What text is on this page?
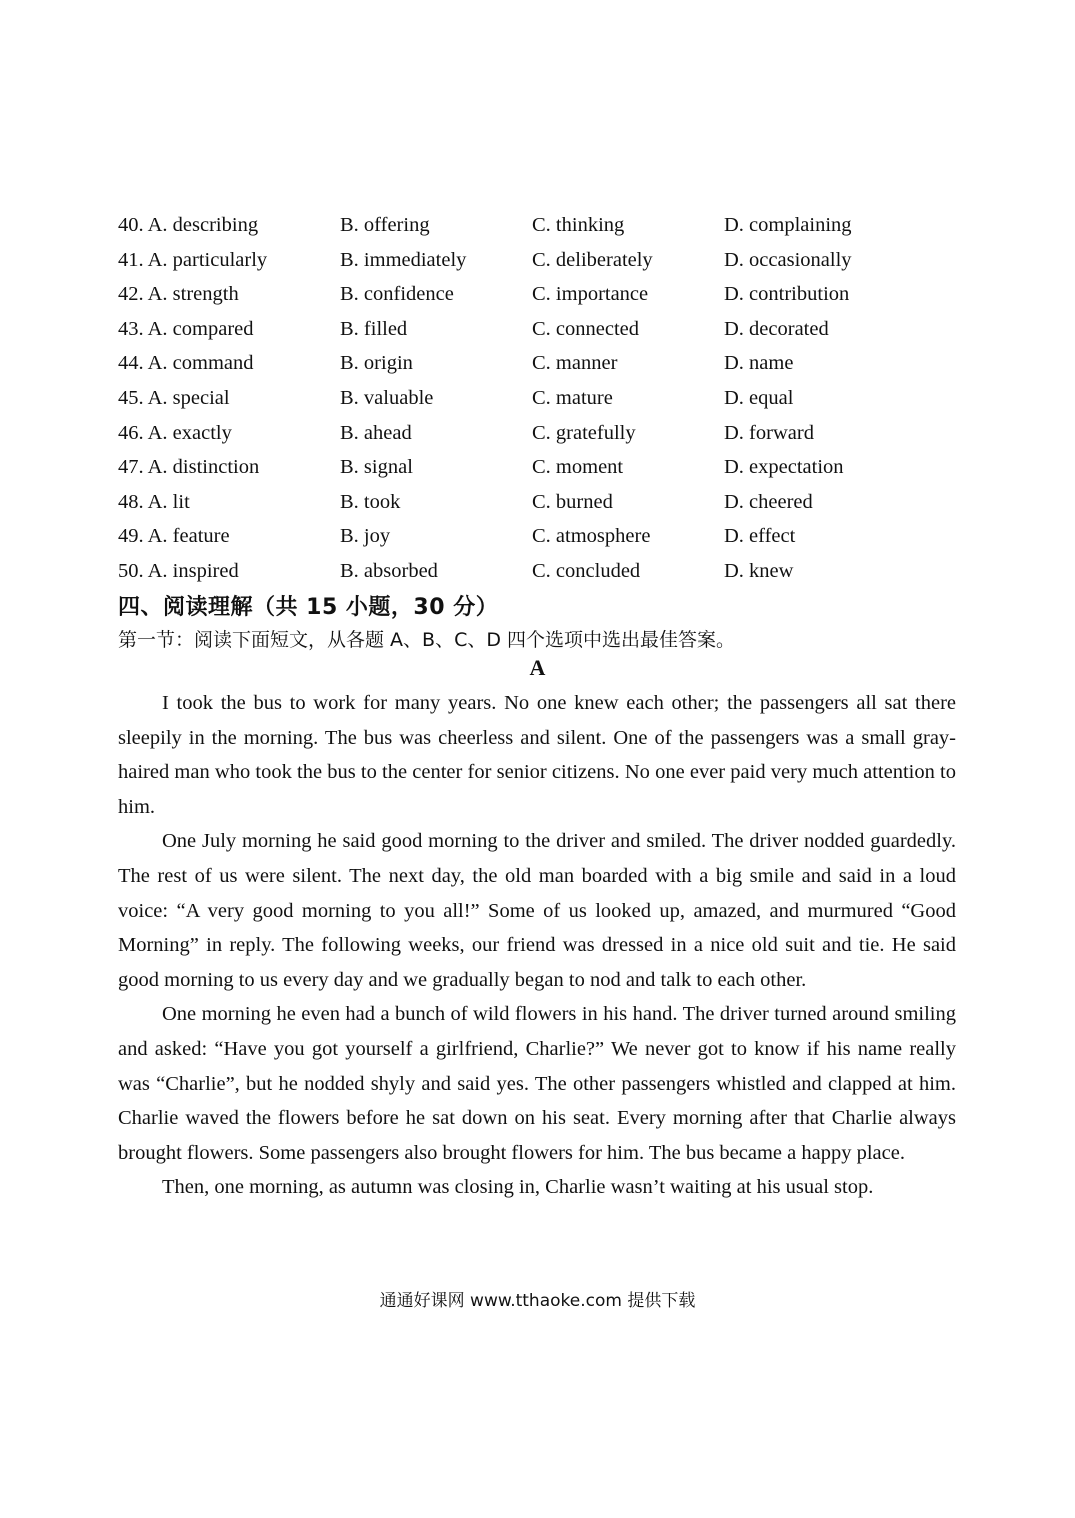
40. A. describing	B. offering	C. thinking	D. complaining
41. A. particularly	B. immediately	C. deliberately	D. occasionally
42. A. strength	B. confidence	C. importance	D. contribution
43. A. compared	B. filled	C. connected	D. decorated
44. A. command	B. origin	C. manner	D. name
45. A. special	B. valuable	C. mature	D. equal
46. A. exactly	B. ahead	C. gratefully	D. forward
47. A. distinction	B. signal	C. moment	D. expectation
48. A. lit	B. took	C. burned	D. cheered
49. A. feature	B. joy	C. atmosphere	D. effect
50. A. inspired	B. absorbed	C. concluded	D. knew
四、阅读理解（共 15 小题，30 分）
第一节：阅读下面短文，从各题 A、B、C、D 四个选项中选出最佳答案。
A

I took the bus to work for many years. No one knew each other; the passengers all sat there sleepily in the morning. The bus was cheerless and silent. One of the passengers was a small gray-haired man who took the bus to the center for senior citizens. No one ever paid very much attention to him.

One July morning he said good morning to the driver and smiled. The driver nodded guardedly. The rest of us were silent. The next day, the old man boarded with a big smile and said in a loud voice: “A very good morning to you all!” Some of us looked up, amazed, and murmured “Good Morning” in reply. The following weeks, our friend was dressed in a nice old suit and tie. He said good morning to us every day and we gradually began to nod and talk to each other.

One morning he even had a bunch of wild flowers in his hand. The driver turned around smiling and asked: “Have you got yourself a girlfriend, Charlie?” We never got to know if his name really was “Charlie”, but he nodded shyly and said yes. The other passengers whistled and clapped at him. Charlie waved the flowers before he sat down on his seat. Every morning after that Charlie always brought flowers. Some passengers also brought flowers for him. The bus became a happy place.

Then, one morning, as autumn was closing in, Charlie wasn’t waiting at his usual stop.

通通好课网 www.tthaoke.com 提供下载
